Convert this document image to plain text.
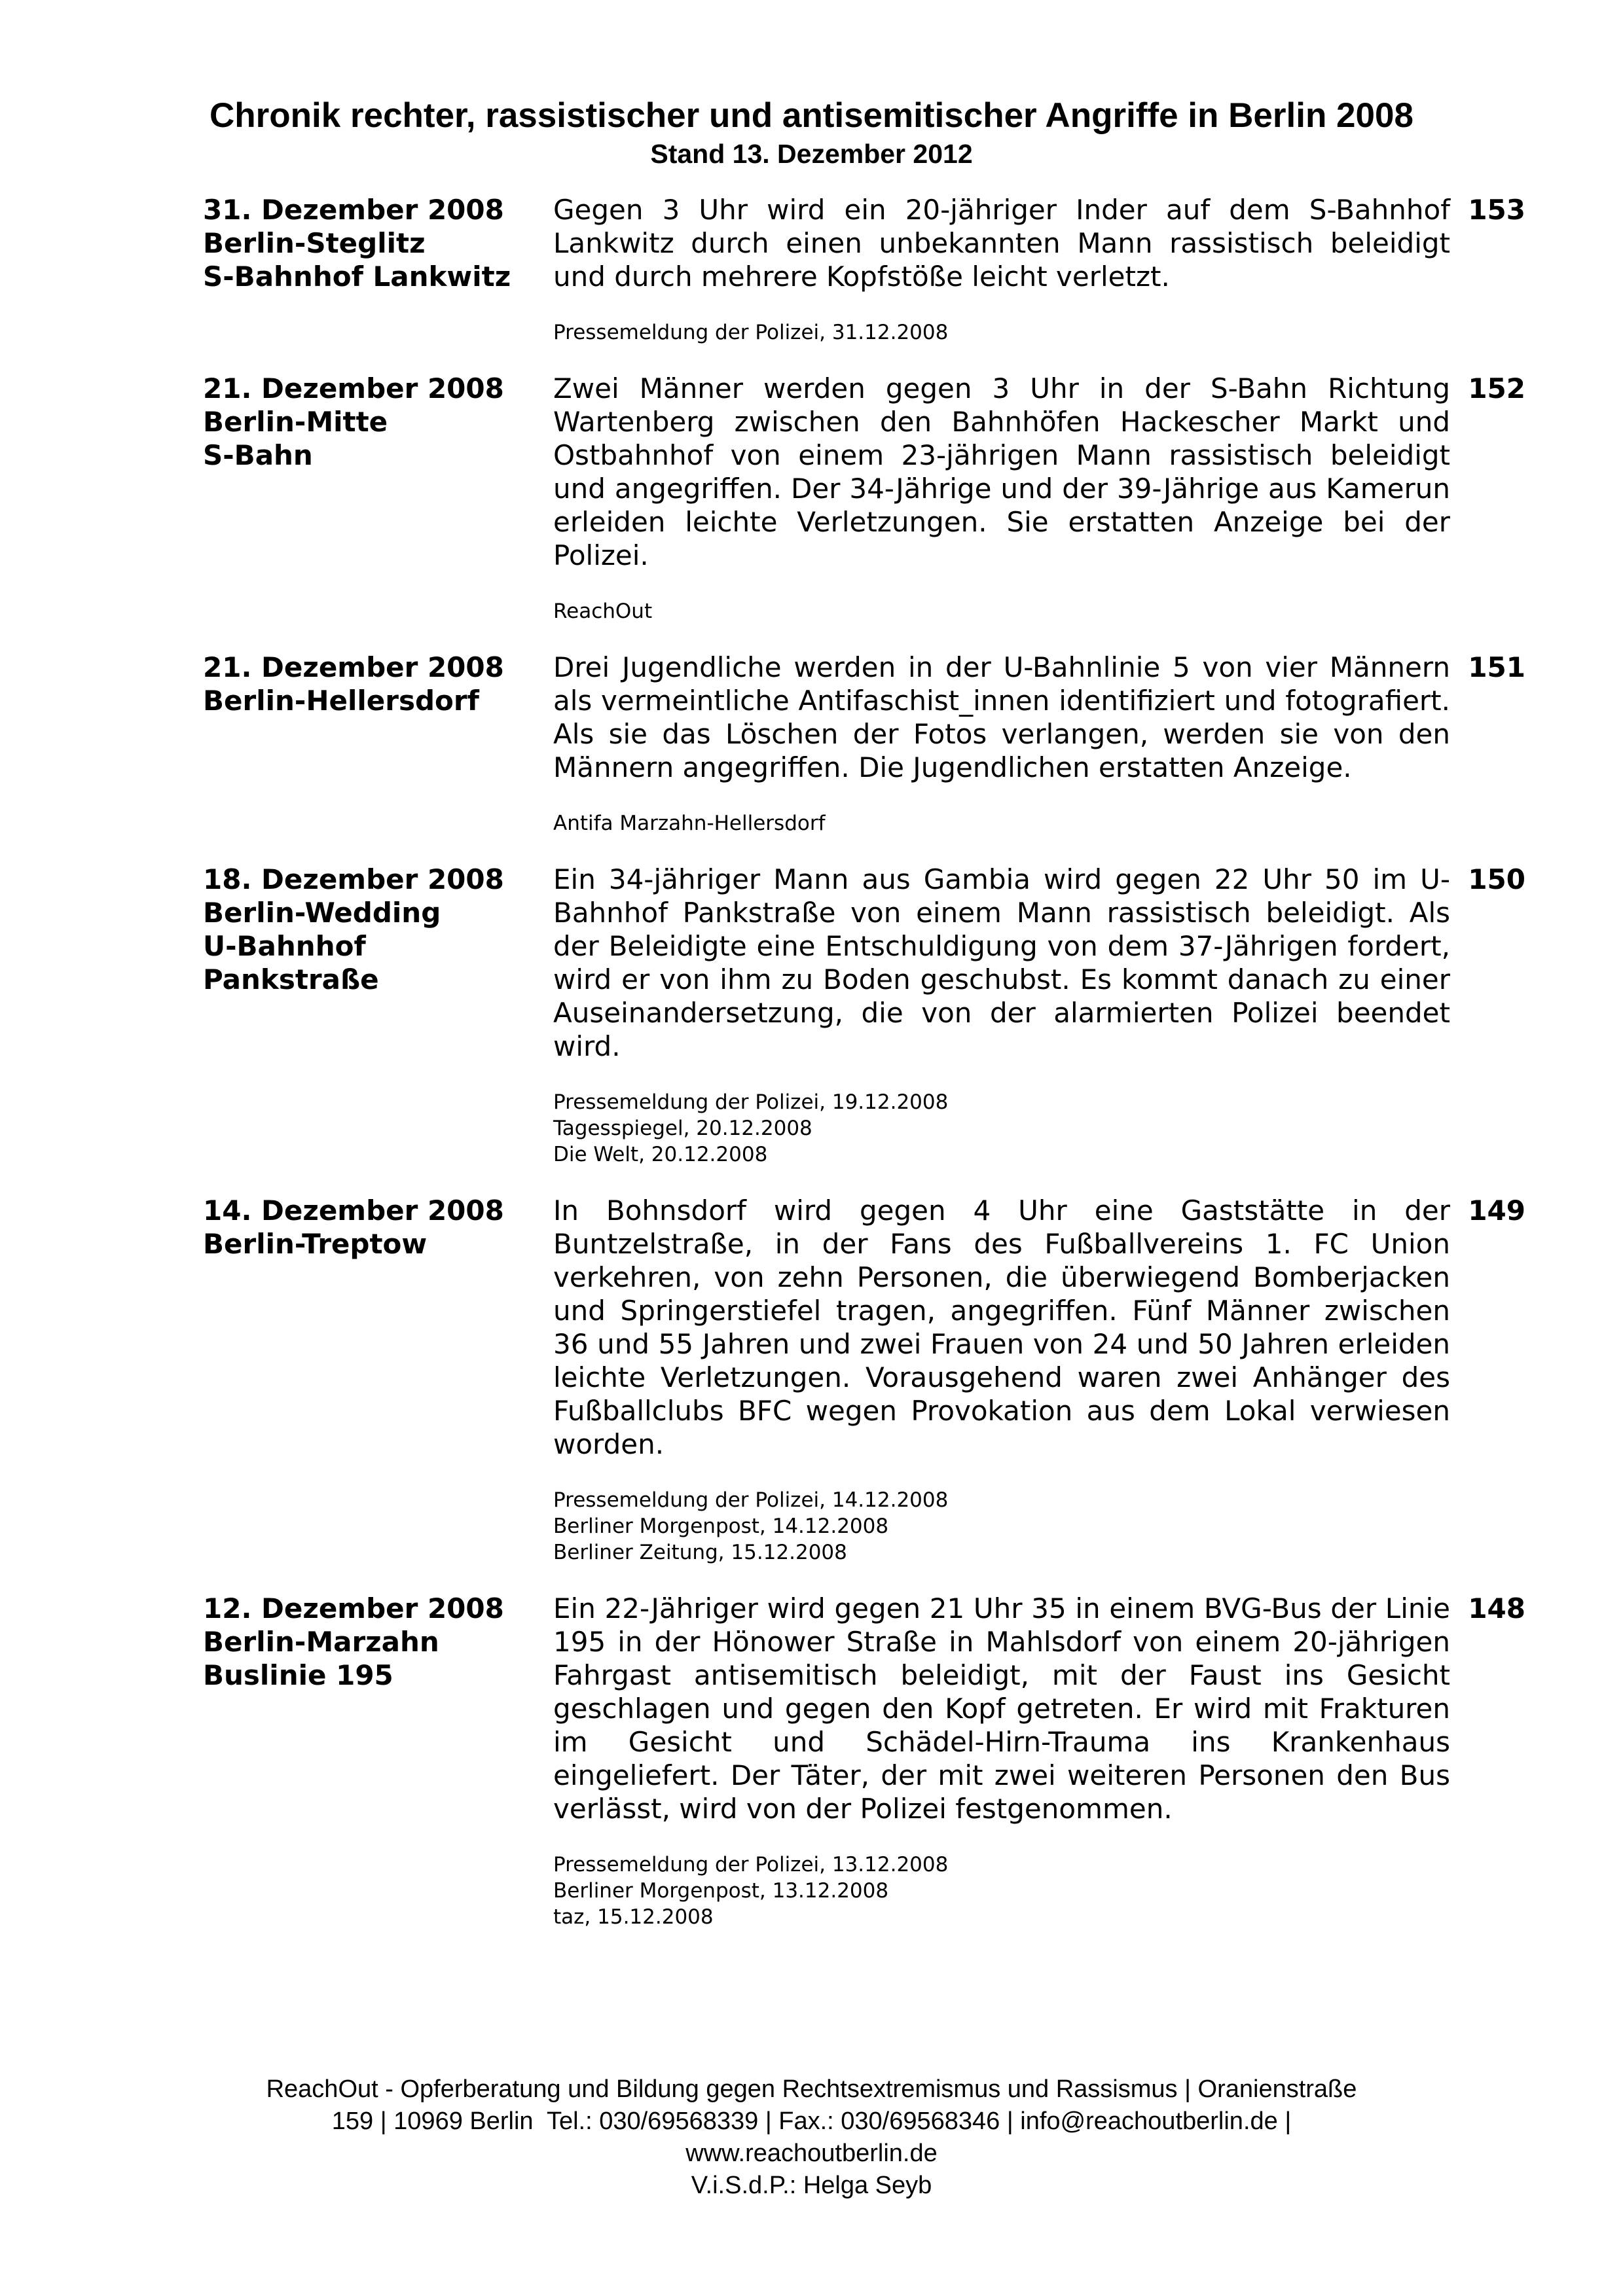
Chronik rechter, rassistischer und antisemitischer Angriffe in Berlin 2008
Stand 13. Dezember 2012
31. Dezember 2008
Berlin-Steglitz
S-Bahnhof Lankwitz

Gegen 3 Uhr wird ein 20-jähriger Inder auf dem S-Bahnhof Lankwitz durch einen unbekannten Mann rassistisch beleidigt und durch mehrere Kopfstöße leicht verletzt.

Pressemeldung der Polizei, 31.12.2008
153
21. Dezember 2008
Berlin-Mitte
S-Bahn

Zwei Männer werden gegen 3 Uhr in der S-Bahn Richtung Wartenberg zwischen den Bahnhöfen Hackescher Markt und Ostbahnhof von einem 23-jährigen Mann rassistisch beleidigt und angegriffen. Der 34-Jährige und der 39-Jährige aus Kamerun erleiden leichte Verletzungen. Sie erstatten Anzeige bei der Polizei.

ReachOut
152
21. Dezember 2008
Berlin-Hellersdorf

Drei Jugendliche werden in der U-Bahnlinie 5 von vier Männern als vermeintliche Antifaschist_innen identifiziert und fotografiert. Als sie das Löschen der Fotos verlangen, werden sie von den Männern angegriffen. Die Jugendlichen erstatten Anzeige.

Antifa Marzahn-Hellersdorf
151
18. Dezember 2008
Berlin-Wedding
U-Bahnhof
Pankstraße

Ein 34-jähriger Mann aus Gambia wird gegen 22 Uhr 50 im U-Bahnhof Pankstraße von einem Mann rassistisch beleidigt. Als der Beleidigte eine Entschuldigung von dem 37-Jährigen fordert, wird er von ihm zu Boden geschubst. Es kommt danach zu einer Auseinandersetzung, die von der alarmierten Polizei beendet wird.

Pressemeldung der Polizei, 19.12.2008
Tagesspiegel, 20.12.2008
Die Welt, 20.12.2008
150
14. Dezember 2008
Berlin-Treptow

In Bohnsdorf wird gegen 4 Uhr eine Gaststätte in der Buntzelstraße, in der Fans des Fußballvereins 1. FC Union verkehren, von zehn Personen, die überwiegend Bomberjacken und Springerstiefel tragen, angegriffen. Fünf Männer zwischen 36 und 55 Jahren und zwei Frauen von 24 und 50 Jahren erleiden leichte Verletzungen. Vorausgehend waren zwei Anhänger des Fußballclubs BFC wegen Provokation aus dem Lokal verwiesen worden.

Pressemeldung der Polizei, 14.12.2008
Berliner Morgenpost, 14.12.2008
Berliner Zeitung, 15.12.2008
149
12. Dezember 2008
Berlin-Marzahn
Buslinie 195

Ein 22-Jähriger wird gegen 21 Uhr 35 in einem BVG-Bus der Linie 195 in der Hönower Straße in Mahlsdorf von einem 20-jährigen Fahrgast antisemitisch beleidigt, mit der Faust ins Gesicht geschlagen und gegen den Kopf getreten. Er wird mit Frakturen im Gesicht und Schädel-Hirn-Trauma ins Krankenhaus eingeliefert. Der Täter, der mit zwei weiteren Personen den Bus verlässt, wird von der Polizei festgenommen.

Pressemeldung der Polizei, 13.12.2008
Berliner Morgenpost, 13.12.2008
taz, 15.12.2008
148
ReachOut - Opferberatung und Bildung gegen Rechtsextremismus und Rassismus | Oranienstraße
159 | 10969 Berlin  Tel.: 030/69568339 | Fax.: 030/69568346 | info@reachoutberlin.de |
www.reachoutberlin.de
V.i.S.d.P.: Helga Seyb
